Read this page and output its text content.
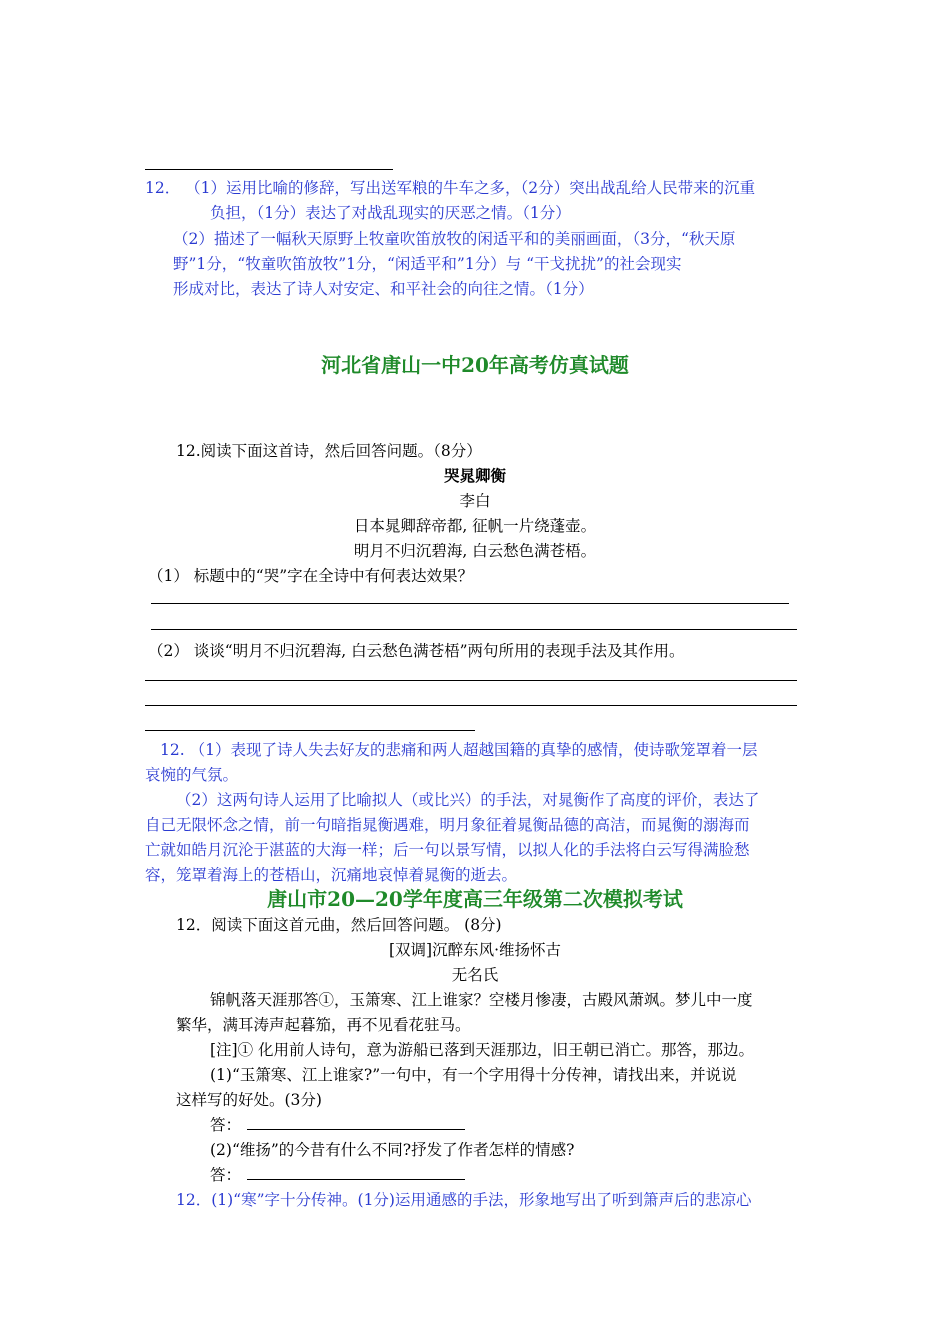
12． （1）运用比喻的修辞，写出送军粮的牛车之多，（2分）突出战乱给人民带来的沉重
负担，（1分）表达了对战乱现实的厌恶之情。（1分）
（2）描述了一幅秋天原野上牧童吹笛放牧的闲适平和的美丽画面，（3分，“秋天原
野”1分，“牧童吹笛放牧”1分，“闲适平和”1分）与 “干戈扰扰”的社会现实
形成对比，表达了诗人对安定、和平社会的向往之情。（1分）
河北省唐山一中20年高考仿真试题
12.阅读下面这首诗，然后回答问题。（8分）
哭晁卿衡
李白
日本晁卿辞帝都, 征帆一片绕蓬壶。
明月不归沉碧海, 白云愁色满苍梧。
（1） 标题中的“哭”字在全诗中有何表达效果？
（2） 谈谈“明月不归沉碧海, 白云愁色满苍梧”两句所用的表现手法及其作用。
12. （1）表现了诗人失去好友的悲痛和两人超越国籍的真挚的感情，使诗歌笼罩着一层
哀惋的气氛。
（2）这两句诗人运用了比喻拟人（或比兴）的手法，对晁衡作了高度的评价，表达了
自己无限怀念之情，前一句暗指晁衡遇难，明月象征着晁衡品德的高洁，而晁衡的溺海而
亡就如皓月沉沦于湛蓝的大海一样；后一句以景写情，以拟人化的手法将白云写得满脸愁
容，笼罩着海上的苍梧山，沉痛地哀悼着晁衡的逝去。
唐山市20—20学年度高三年级第二次模拟考试
12．阅读下面这首元曲，然后回答问题。 (8分)
[双调]沉醉东风·维扬怀古
无名氏
锦帆落天涯那答①，玉箫寒、江上谁家？空楼月惨凄，古殿风萧飒。梦儿中一度
繁华，满耳涛声起暮笳，再不见看花驻马。
[注]① 化用前人诗句，意为游船已落到天涯那边，旧王朝已消亡。那答，那边。
(1)“玉箫寒、江上谁家?”一句中，有一个字用得十分传神，请找出来，并说说
这样写的好处。(3分)
答：
(2)“维扬”的今昔有什么不同?抒发了作者怎样的情感?
答：
12．(1)“寒”字十分传神。(1分)运用通感的手法，形象地写出了听到箫声后的悲凉心
